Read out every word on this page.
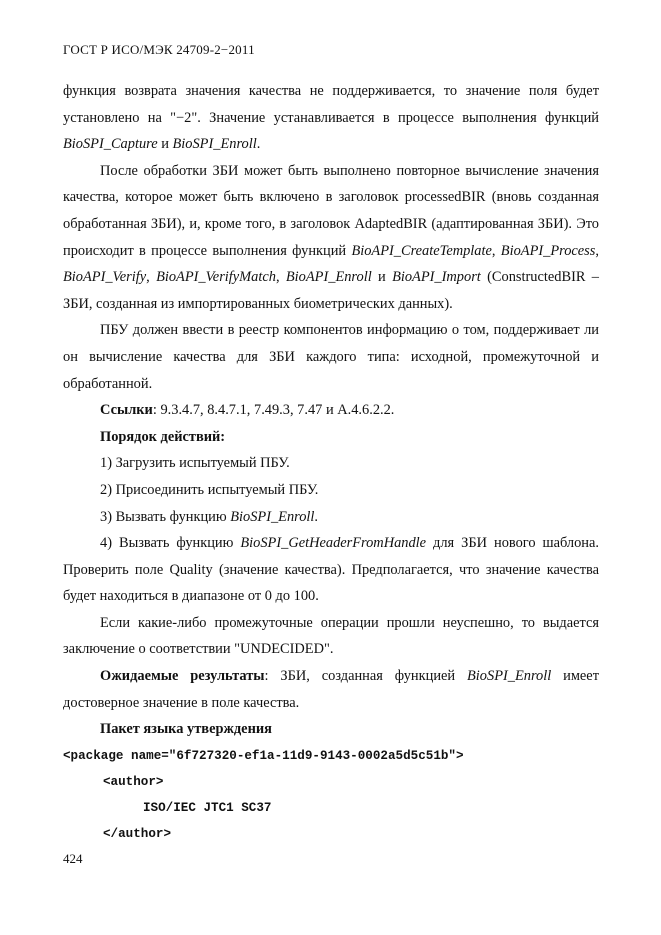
ГОСТ Р ИСО/МЭК 24709-2−2011

функция возврата значения качества не поддерживается, то значение поля будет установлено на "−2". Значение устанавливается в процессе выполнения функций BioSPI_Capture и BioSPI_Enroll.

После обработки ЗБИ может быть выполнено повторное вычисление значения качества, которое может быть включено в заголовок processedBIR (вновь созданная обработанная ЗБИ), и, кроме того, в заголовок AdaptedBIR (адаптированная ЗБИ). Это происходит в процессе выполнения функций BioAPI_CreateTemplate, BioAPI_Process, BioAPI_Verify, BioAPI_VerifyMatch, BioAPI_Enroll и BioAPI_Import (ConstructedBIR – ЗБИ, созданная из импортированных биометрических данных).

ПБУ должен ввести в реестр компонентов информацию о том, поддерживает ли он вычисление качества для ЗБИ каждого типа: исходной, промежуточной и обработанной.

Ссылки: 9.3.4.7, 8.4.7.1, 7.49.3, 7.47 и A.4.6.2.2.

Порядок действий:

1) Загрузить испытуемый ПБУ.

2) Присоединить испытуемый ПБУ.

3) Вызвать функцию BioSPI_Enroll.

4) Вызвать функцию BioSPI_GetHeaderFromHandle для ЗБИ нового шаблона. Проверить поле Quality (значение качества). Предполагается, что значение качества будет находиться в диапазоне от 0 до 100.

Если какие-либо промежуточные операции прошли неуспешно, то выдается заключение о соответствии "UNDECIDED".

Ожидаемые результаты: ЗБИ, созданная функцией BioSPI_Enroll имеет достоверное значение в поле качества.

Пакет языка утверждения

<package name="6f727320-ef1a-11d9-9143-0002a5d5c51b">
<author>
ISO/IEC JTC1 SC37
</author>
424
